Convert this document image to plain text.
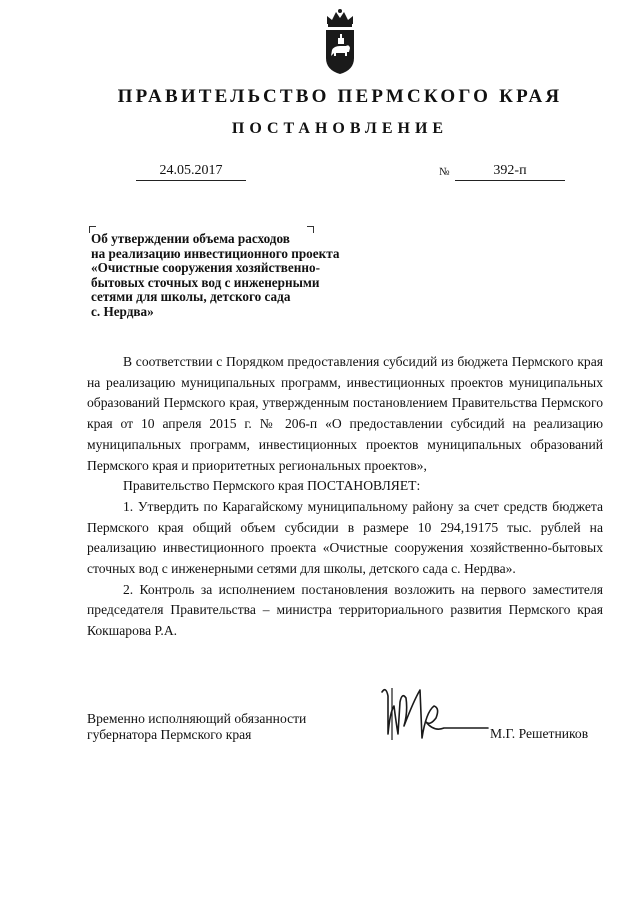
ПРАВИТЕЛЬСТВО ПЕРМСКОГО КРАЯ
ПОСТАНОВЛЕНИЕ
24.05.2017	№	392-п
Об утверждении объема расходов
на реализацию инвестиционного проекта
«Очистные сооружения хозяйственно-
бытовых сточных вод с инженерными
сетями для школы, детского сада
с. Нердва»

В соответствии с Порядком предоставления субсидий из бюджета Пермского края на реализацию муниципальных программ, инвестиционных проектов муниципальных образований Пермского края, утвержденным постановлением Правительства Пермского края от 10 апреля 2015 г. № 206-п «О предоставлении субсидий на реализацию муниципальных программ, инвестиционных проектов муниципальных образований Пермского края и приоритетных региональных проектов»,

Правительство Пермского края ПОСТАНОВЛЯЕТ:

1. Утвердить по Карагайскому муниципальному району за счет средств бюджета Пермского края общий объем субсидии в размере 10 294,19175 тыс. рублей на реализацию инвестиционного проекта «Очистные сооружения хозяйственно-бытовых сточных вод с инженерными сетями для школы, детского сада с. Нердва».

2. Контроль за исполнением постановления возложить на первого заместителя председателя Правительства – министра территориального развития Пермского края Кокшарова Р.А.

Временно исполняющий обязанности
губернатора Пермского края	М.Г. Решетников
